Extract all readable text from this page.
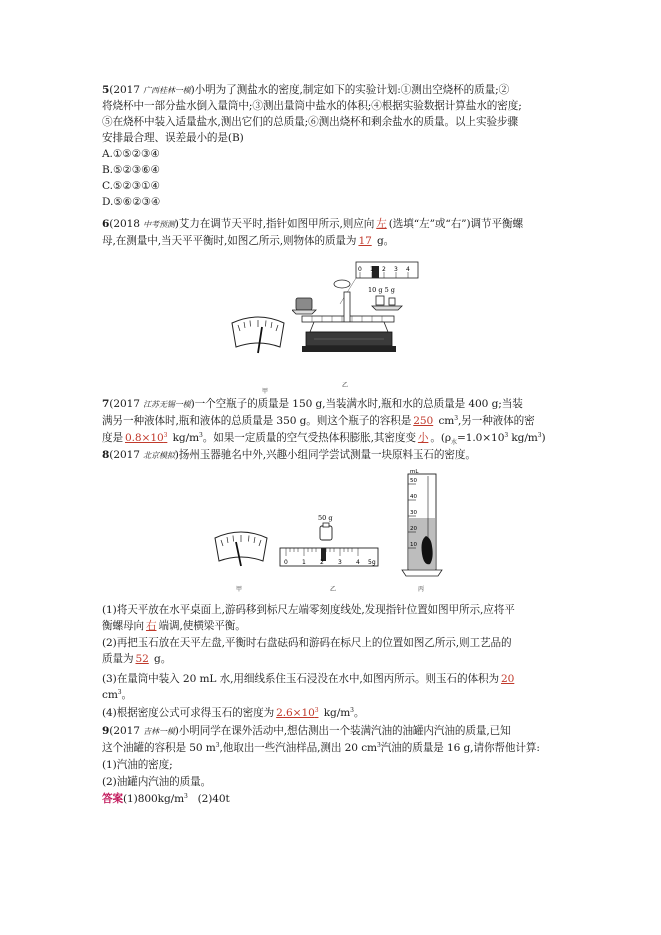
5(2017 广西桂林一模)小明为了测盐水的密度,制定如下的实验计划:①测出空烧杯的质量;②
将烧杯中一部分盐水倒入量筒中;③测出量筒中盐水的体积;④根据实验数据计算盐水的密度;
⑤在烧杯中装入适量盐水,测出它们的总质量;⑥测出烧杯和剩余盐水的质量。以上实验步骤
安排最合理、误差最小的是(B)
A.①⑤②③④
B.⑤②③⑥④
C.⑤②③①④
D.⑤⑥②③④
6(2018 中考预测)艾力在调节天平时,指针如图甲所示,则应向 左 (选填“左”或“右”)调节平衡螺
母,在测量中,当天平平衡时,如图乙所示,则物体的质量为 17 g。
甲
0 1 2 3 4
10 g 5 g
乙
7(2017 江苏无锡一模)一个空瓶子的质量是 150 g,当装满水时,瓶和水的总质量是 400 g;当装
满另一种液体时,瓶和液体的总质量是 350 g。则这个瓶子的容积是 250 $cm^3$,另一种液体的密
度是 $0.8\times 10^3$ $kg/m^3$。如果一定质量的空气受热体积膨胀,其密度变 小 。($\rho_水=1.0\times 10^3$ $kg/m^3$)
8(2017 北京模拟)扬州玉器驰名中外,兴趣小组同学尝试测量一块原料玉石的密度。
甲
50 g
0 1 2 3 4 5g
乙
mL
50
40
30
20
10
丙
(1)将天平放在水平桌面上,游码移到标尺左端零刻度线处,发现指针位置如图甲所示,应将平
衡螺母向 右 端调,使横梁平衡。
(2)再把玉石放在天平左盘,平衡时右盘砝码和游码在标尺上的位置如图乙所示,则工艺品的
质量为 52 g。
(3)在量筒中装入 20 mL 水,用细线系住玉石浸没在水中,如图丙所示。则玉石的体积为 20
$cm^3$。
(4)根据密度公式可求得玉石的密度为 $2.6\times 10^3$ $kg/m^3$。
9(2017 吉林一模)小明同学在课外活动中,想估测出一个装满汽油的油罐内汽油的质量,已知
这个油罐的容积是 50 $m^3$,他取出一些汽油样品,测出 20 $cm^3$汽油的质量是 16 g,请你帮他计算:
(1)汽油的密度;
(2)油罐内汽油的质量。
答案$(1)800kg/m^3$   (2)40t
